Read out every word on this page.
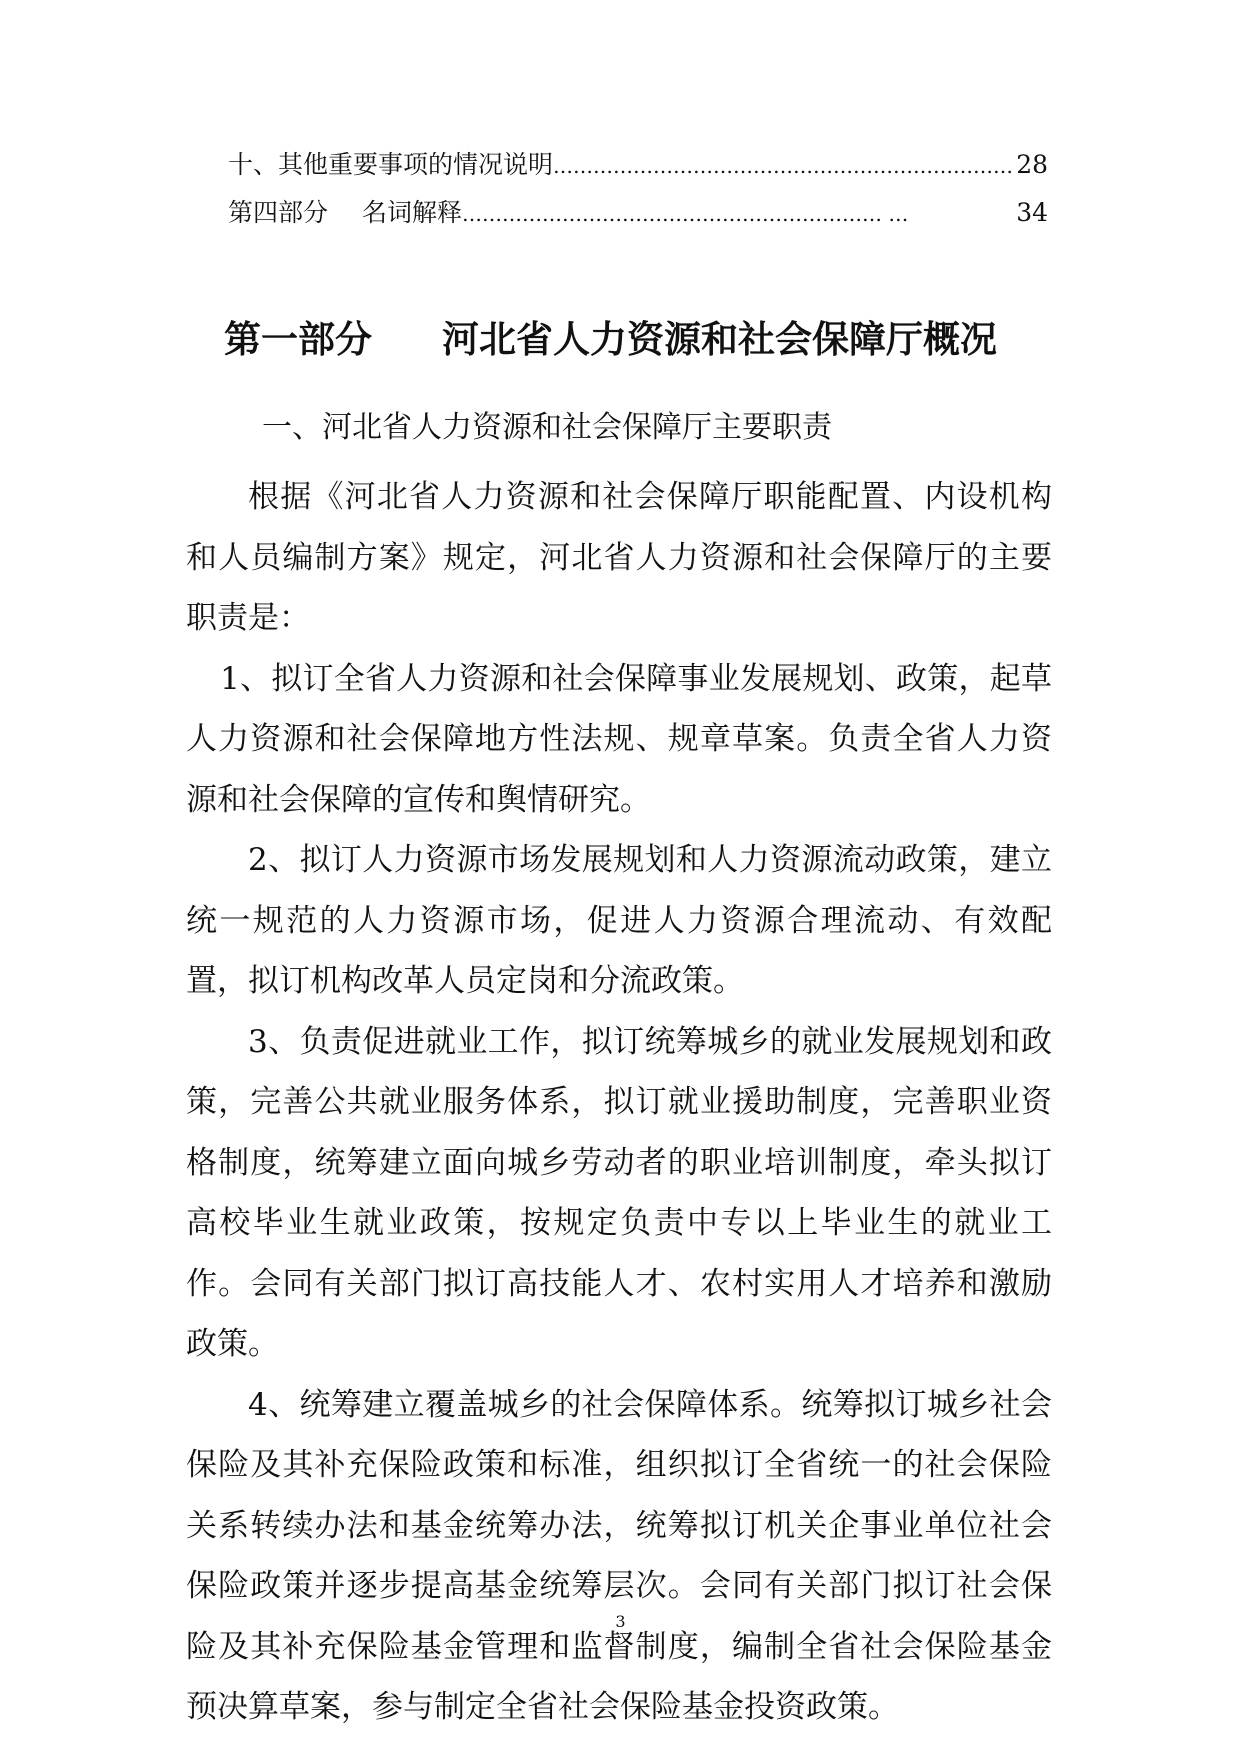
十、其他重要事项的情况说明 …………………………………………………………… 28
第四部分 名词解释 ……………………………………………………… …	34
第一部分 河北省人力资源和社会保障厅概况
一、河北省人力资源和社会保障厅主要职责

根据《河北省人力资源和社会保障厅职能配置、内设机构和人员编制方案》规定，河北省人力资源和社会保障厅的主要职责是：

1、拟订全省人力资源和社会保障事业发展规划、政策，起草人力资源和社会保障地方性法规、规章草案。负责全省人力资源和社会保障的宣传和舆情研究。

2、拟订人力资源市场发展规划和人力资源流动政策，建立统一规范的人力资源市场，促进人力资源合理流动、有效配置，拟订机构改革人员定岗和分流政策。

3、负责促进就业工作，拟订统筹城乡的就业发展规划和政策，完善公共就业服务体系，拟订就业援助制度，完善职业资格制度，统筹建立面向城乡劳动者的职业培训制度，牵头拟订高校毕业生就业政策，按规定负责中专以上毕业生的就业工作。会同有关部门拟订高技能人才、农村实用人才培养和激励政策。

4、统筹建立覆盖城乡的社会保障体系。统筹拟订城乡社会保险及其补充保险政策和标准，组织拟订全省统一的社会保险关系转续办法和基金统筹办法，统筹拟订机关企事业单位社会保险政策并逐步提高基金统筹层次。会同有关部门拟订社会保险及其补充保险基金管理和监督制度，编制全省社会保险基金预决算草案，参与制定全省社会保险基金投资政策。

3
